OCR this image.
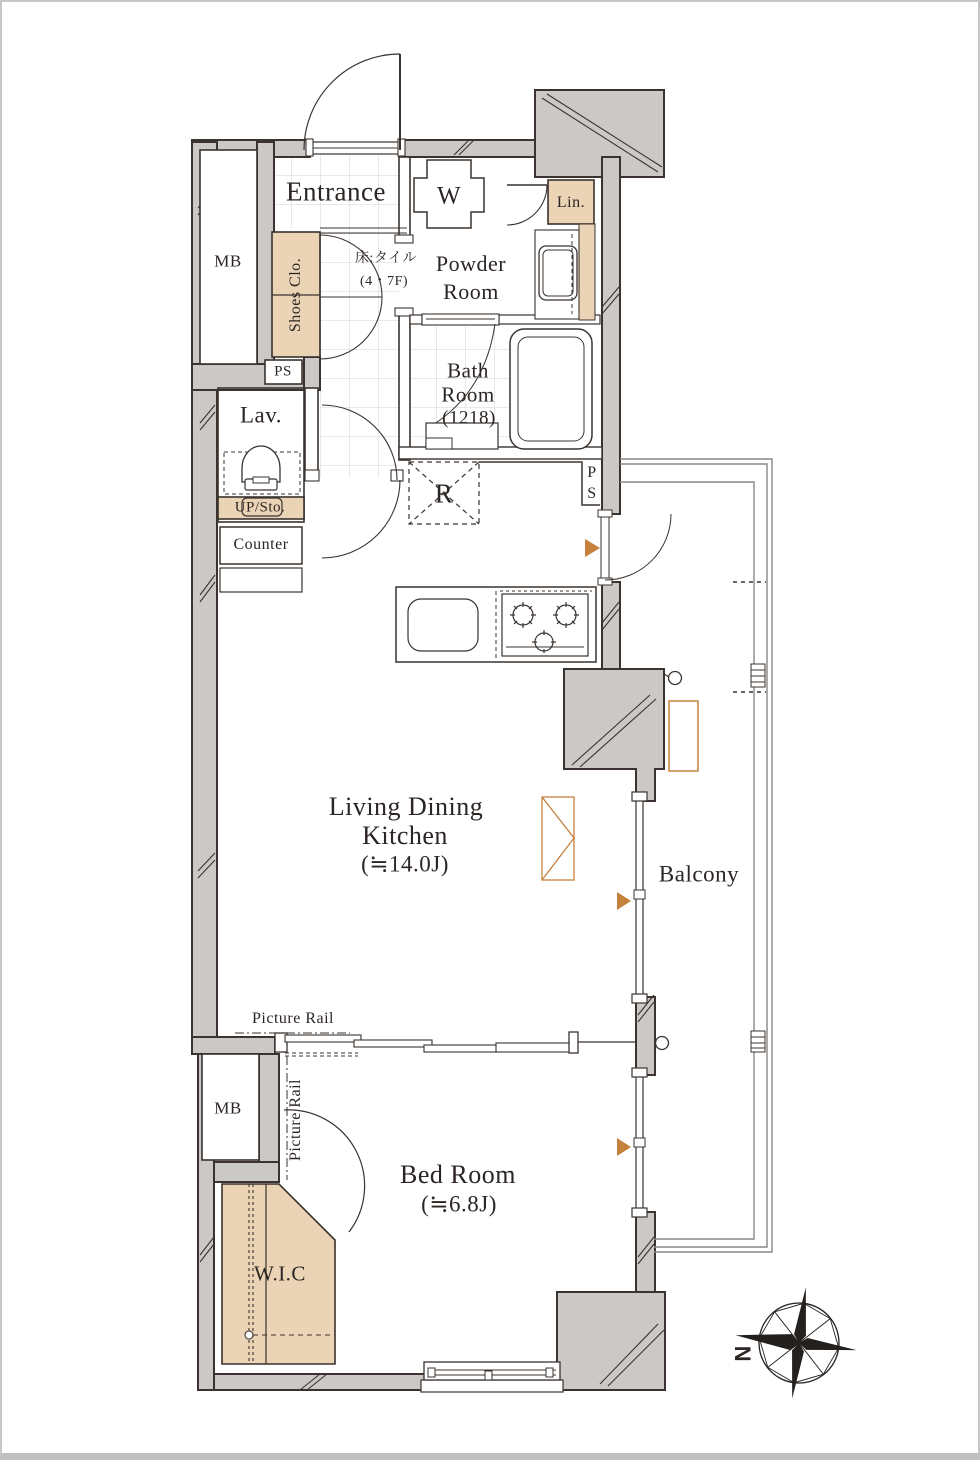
Entrance
MB	Shoes Clo.
PS
床:タイル
(4・7F)
W
Powder
Room
Lin.
Bath
Room
(1218)
Lav.
UP/Sto.
Counter
R
P
S
Living Dining
Kitchen
(≒14.0J)	Balcony
Picture Rail
Picture Rail
MB
W.I.C
Bed Room
(≒6.8J)
N
